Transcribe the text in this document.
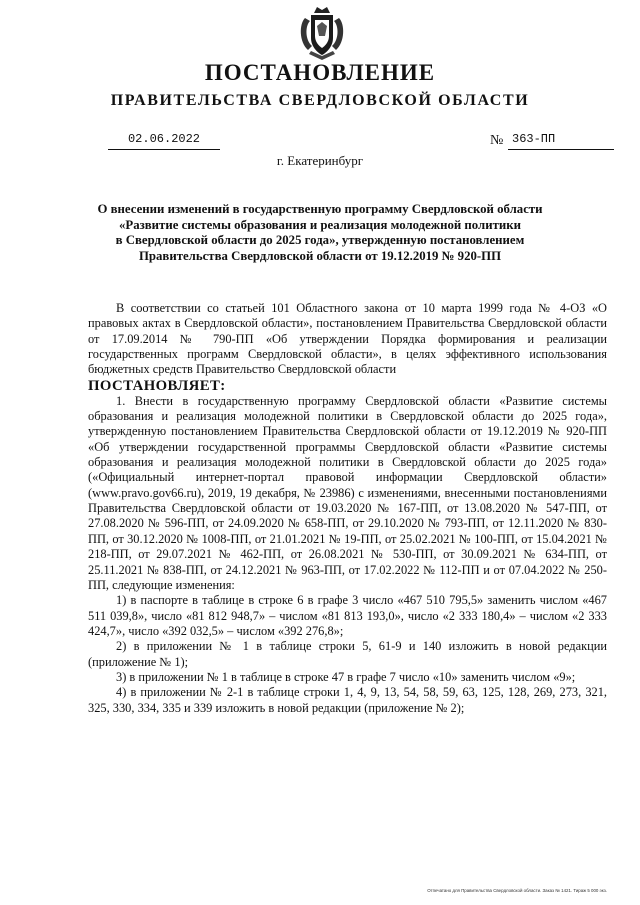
ПОСТАНОВЛЕНИЕ
ПРАВИТЕЛЬСТВА СВЕРДЛОВСКОЙ ОБЛАСТИ
02.06.2022	№ 363-ПП
г. Екатеринбург
О внесении изменений в государственную программу Свердловской области
«Развитие системы образования и реализация молодежной политики
в Свердловской области до 2025 года», утвержденную постановлением
Правительства Свердловской области от 19.12.2019 № 920-ПП

В соответствии со статьей 101 Областного закона от 10 марта 1999 года № 4-ОЗ «О правовых актах в Свердловской области», постановлением Правительства Свердловской области от 17.09.2014 № 790-ПП «Об утверждении Порядка формирования и реализации государственных программ Свердловской области», в целях эффективного использования бюджетных средств Правительство Свердловской области

ПОСТАНОВЛЯЕТ:

1. Внести в государственную программу Свердловской области «Развитие системы образования и реализация молодежной политики в Свердловской области до 2025 года», утвержденную постановлением Правительства Свердловской области от 19.12.2019 № 920-ПП «Об утверждении государственной программы Свердловской области «Развитие системы образования и реализация молодежной политики в Свердловской области до 2025 года» («Официальный интернет-портал правовой информации Свердловской области» (www.pravo.gov66.ru), 2019, 19 декабря, № 23986) с изменениями, внесенными постановлениями Правительства Свердловской области от 19.03.2020 № 167-ПП, от 13.08.2020 № 547-ПП, от 27.08.2020 № 596-ПП, от 24.09.2020 № 658-ПП, от 29.10.2020 № 793-ПП, от 12.11.2020 № 830-ПП, от 30.12.2020 № 1008-ПП, от 21.01.2021 № 19-ПП, от 25.02.2021 № 100-ПП, от 15.04.2021 № 218-ПП, от 29.07.2021 № 462-ПП, от 26.08.2021 № 530-ПП, от 30.09.2021 № 634-ПП, от 25.11.2021 № 838-ПП, от 24.12.2021 № 963-ПП, от 17.02.2022 № 112-ПП и от 07.04.2022 № 250-ПП, следующие изменения:

1) в паспорте в таблице в строке 6 в графе 3 число «467 510 795,5» заменить числом «467 511 039,8», число «81 812 948,7» – числом «81 813 193,0», число «2 333 180,4» – числом «2 333 424,7», число «392 032,5» – числом «392 276,8»;

2) в приложении № 1 в таблице строки 5, 61-9 и 140 изложить в новой редакции (приложение № 1);

3) в приложении № 1 в таблице в строке 47 в графе 7 число «10» заменить числом «9»;

4) в приложении № 2-1 в таблице строки 1, 4, 9, 13, 54, 58, 59, 63, 125, 128, 269, 273, 321, 325, 330, 334, 335 и 339 изложить в новой редакции (приложение № 2);

Отпечатано для Правительства Свердловской области. Заказ № 1421. Тираж 5 000 экз.
